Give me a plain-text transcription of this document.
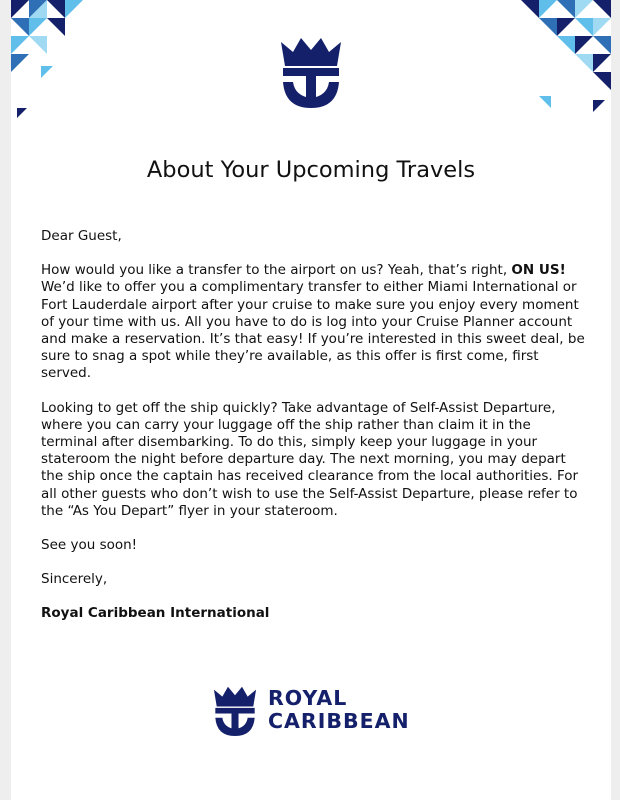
About Your Upcoming Travels

Dear Guest,

How would you like a transfer to the airport on us? Yeah, that’s right, ON US! We’d like to offer you a complimentary transfer to either Miami International or Fort Lauderdale airport after your cruise to make sure you enjoy every moment of your time with us. All you have to do is log into your Cruise Planner account and make a reservation. It’s that easy! If you’re interested in this sweet deal, be sure to snag a spot while they’re available, as this offer is first come, first served.

Looking to get off the ship quickly? Take advantage of Self-Assist Departure, where you can carry your luggage off the ship rather than claim it in the terminal after disembarking. To do this, simply keep your luggage in your stateroom the night before departure day. The next morning, you may depart the ship once the captain has received clearance from the local authorities. For all other guests who don’t wish to use the Self-Assist Departure, please refer to the “As You Depart” flyer in your stateroom.

See you soon!

Sincerely,

Royal Caribbean International

ROYAL
CARIBBEAN
